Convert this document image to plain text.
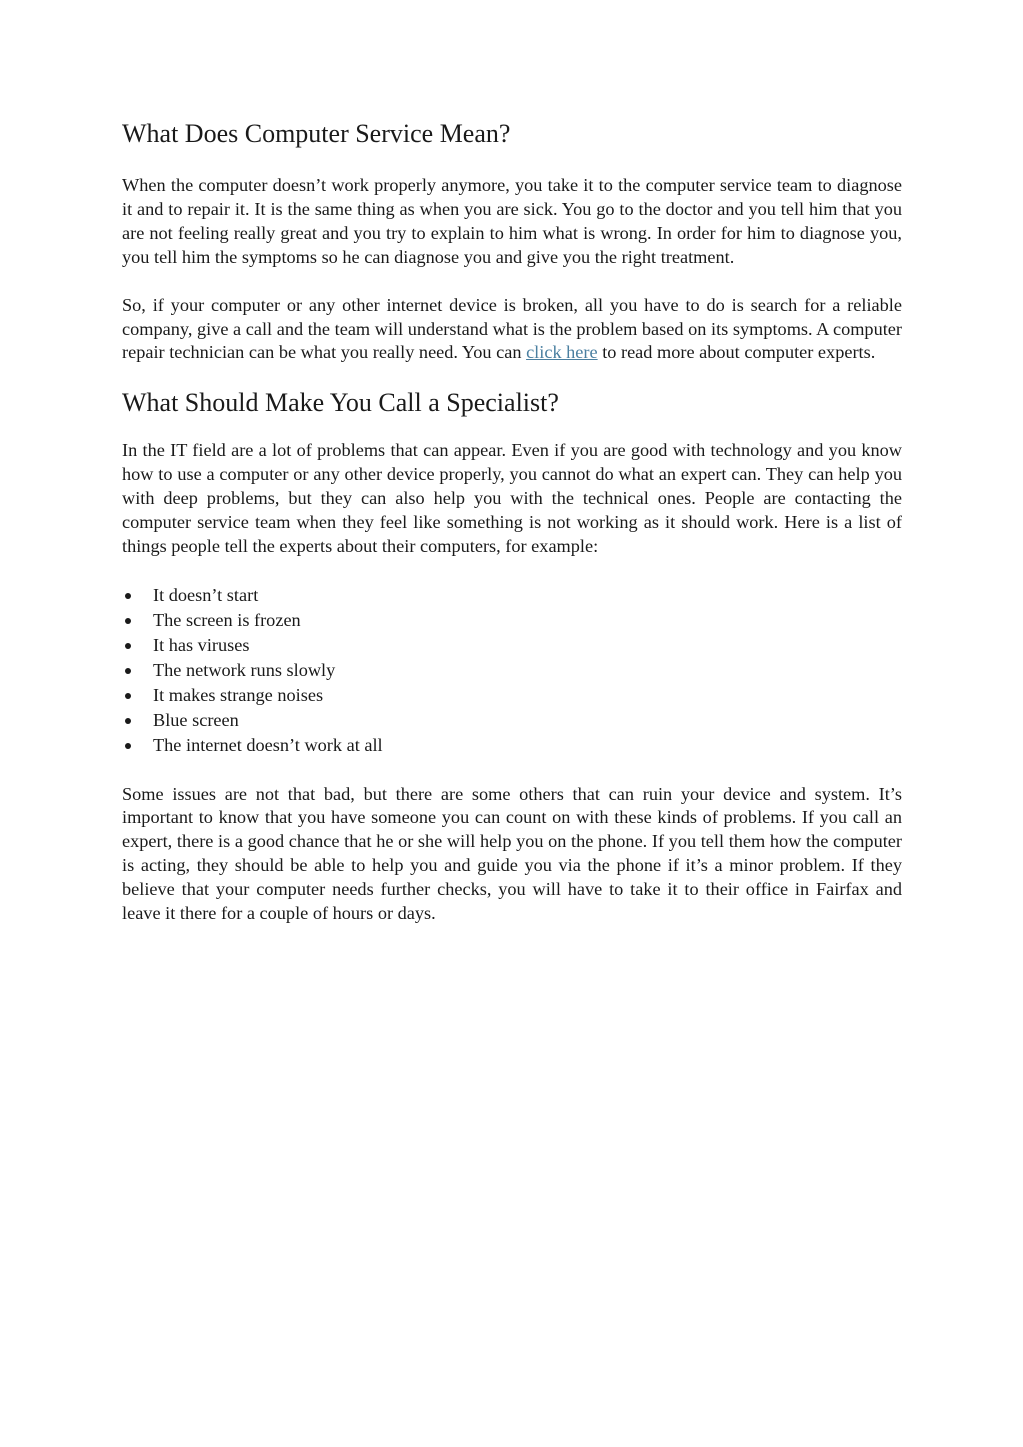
What Does Computer Service Mean?

When the computer doesn’t work properly anymore, you take it to the computer service team to diagnose it and to repair it. It is the same thing as when you are sick. You go to the doctor and you tell him that you are not feeling really great and you try to explain to him what is wrong. In order for him to diagnose you, you tell him the symptoms so he can diagnose you and give you the right treatment.

So, if your computer or any other internet device is broken, all you have to do is search for a reliable company, give a call and the team will understand what is the problem based on its symptoms. A computer repair technician can be what you really need. You can click here to read more about computer experts.

What Should Make You Call a Specialist?

In the IT field are a lot of problems that can appear. Even if you are good with technology and you know how to use a computer or any other device properly, you cannot do what an expert can. They can help you with deep problems, but they can also help you with the technical ones. People are contacting the computer service team when they feel like something is not working as it should work. Here is a list of things people tell the experts about their computers, for example:

It doesn’t start
The screen is frozen
It has viruses
The network runs slowly
It makes strange noises
Blue screen
The internet doesn’t work at all

Some issues are not that bad, but there are some others that can ruin your device and system. It’s important to know that you have someone you can count on with these kinds of problems. If you call an expert, there is a good chance that he or she will help you on the phone. If you tell them how the computer is acting, they should be able to help you and guide you via the phone if it’s a minor problem. If they believe that your computer needs further checks, you will have to take it to their office in Fairfax and leave it there for a couple of hours or days.
